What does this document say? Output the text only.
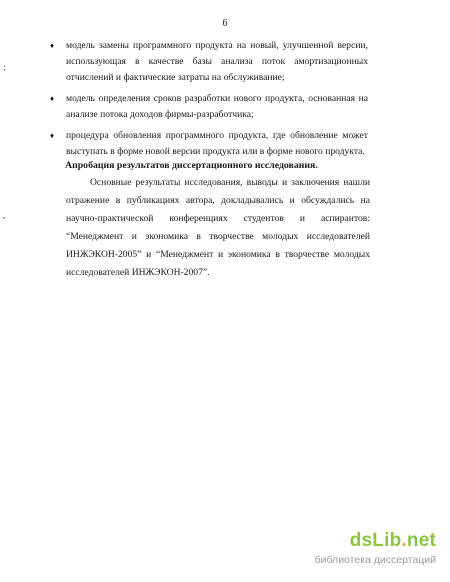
6
;
,
♦ модель замены программного продукта на новый, улучшенной версии, использующая в качестве базы анализа поток амортизационных отчислений и фактические затраты на обслуживание;
♦ модель определения сроков разработки нового продукта, основанная на анализе потока доходов фирмы-разработчика;
♦ процедура обновления программного продукта, где обновление может выступать в форме новой версии продукта или в форме нового продукта.
Апробация результатов диссертационного исследования.
Основные результаты исследования, выводы и заключения нашли отражение в публикациях автора, докладывались и обсуждались на научно-практической конференциях студентов и аспирантов: “Менеджмент и экономика в творчестве молодых исследователей ИНЖЭКОН-2005” и “Менеджмент и экономика в творчестве молодых исследователей ИНЖЭКОН-2007”.
dsLib.net
библиотека диссертаций
